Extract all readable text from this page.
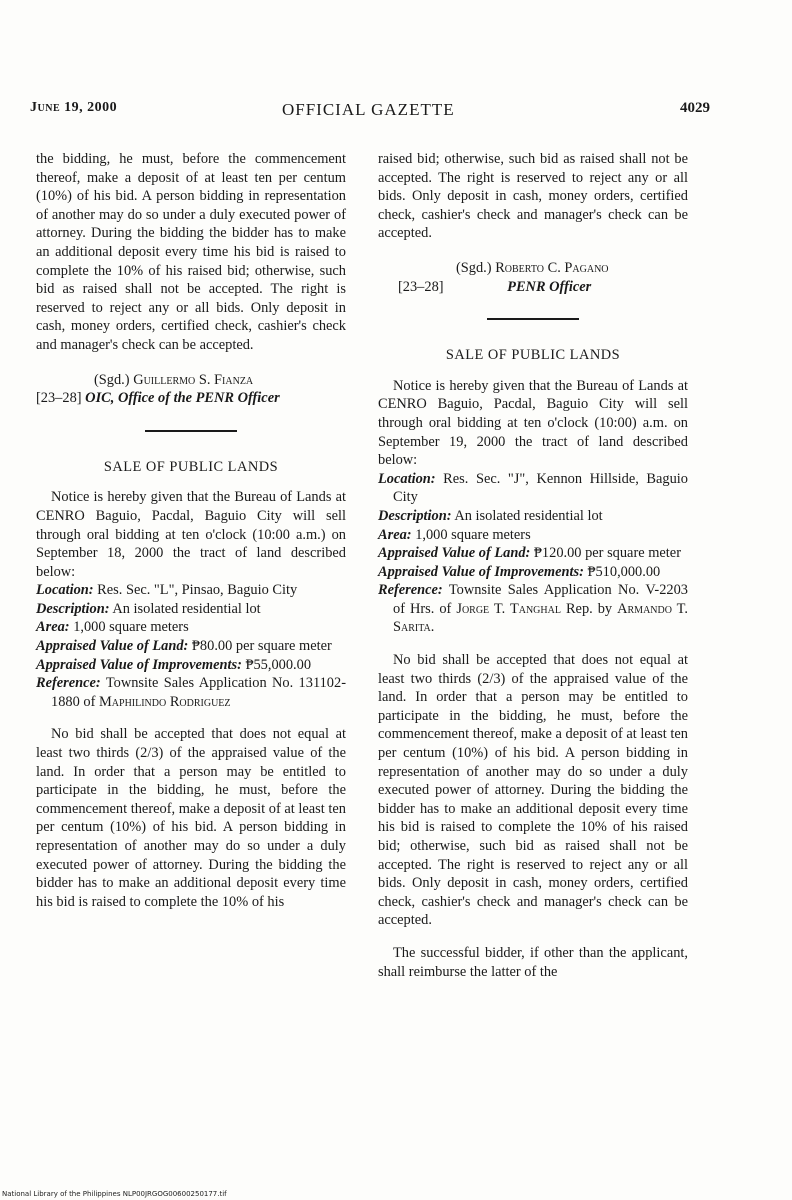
June 19, 2000	OFFICIAL GAZETTE	4029

the bidding, he must, before the commencement thereof, make a deposit of at least ten per centum (10%) of his bid. A person bidding in representation of another may do so under a duly executed power of attorney. During the bidding the bidder has to make an additional deposit every time his bid is raised to complete the 10% of his raised bid; otherwise, such bid as raised shall not be accepted. The right is reserved to reject any or all bids. Only deposit in cash, money orders, certified check, cashier's check and manager's check can be accepted.

(Sgd.) Guillermo S. Fianza
[23–28] OIC, Office of the PENR Officer
SALE OF PUBLIC LANDS

Notice is hereby given that the Bureau of Lands at CENRO Baguio, Pacdal, Baguio City will sell through oral bidding at ten o'clock (10:00 a.m.) on September 18, 2000 the tract of land described below:

Location: Res. Sec. "L", Pinsao, Baguio City

Description: An isolated residential lot

Area: 1,000 square meters

Appraised Value of Land: ₱80.00 per square meter

Appraised Value of Improvements: ₱55,000.00

Reference: Townsite Sales Application No. 131102-1880 of Maphilindo Rodriguez

No bid shall be accepted that does not equal at least two thirds (2/3) of the appraised value of the land. In order that a person may be entitled to participate in the bidding, he must, before the commencement thereof, make a deposit of at least ten per centum (10%) of his bid. A person bidding in representation of another may do so under a duly executed power of attorney. During the bidding the bidder has to make an additional deposit every time his bid is raised to complete the 10% of his

raised bid; otherwise, such bid as raised shall not be accepted. The right is reserved to reject any or all bids. Only deposit in cash, money orders, certified check, cashier's check and manager's check can be accepted.

(Sgd.) Roberto C. Pagano
[23–28]	PENR Officer
SALE OF PUBLIC LANDS

Notice is hereby given that the Bureau of Lands at CENRO Baguio, Pacdal, Baguio City will sell through oral bidding at ten o'clock (10:00) a.m. on September 19, 2000 the tract of land described below:

Location: Res. Sec. "J", Kennon Hillside, Baguio City

Description: An isolated residential lot

Area: 1,000 square meters

Appraised Value of Land: ₱120.00 per square meter

Appraised Value of Improvements: ₱510,000.00

Reference: Townsite Sales Application No. V-2203 of Hrs. of Jorge T. Tanghal Rep. by Armando T. Sarita.

No bid shall be accepted that does not equal at least two thirds (2/3) of the appraised value of the land. In order that a person may be entitled to participate in the bidding, he must, before the commencement thereof, make a deposit of at least ten per centum (10%) of his bid. A person bidding in representation of another may do so under a duly executed power of attorney. During the bidding the bidder has to make an additional deposit every time his bid is raised to complete the 10% of his raised bid; otherwise, such bid as raised shall not be accepted. The right is reserved to reject any or all bids. Only deposit in cash, money orders, certified check, cashier's check and manager's check can be accepted.

The successful bidder, if other than the applicant, shall reimburse the latter of the

National Library of the Philippines NLP00JRGOG00600250177.tif
